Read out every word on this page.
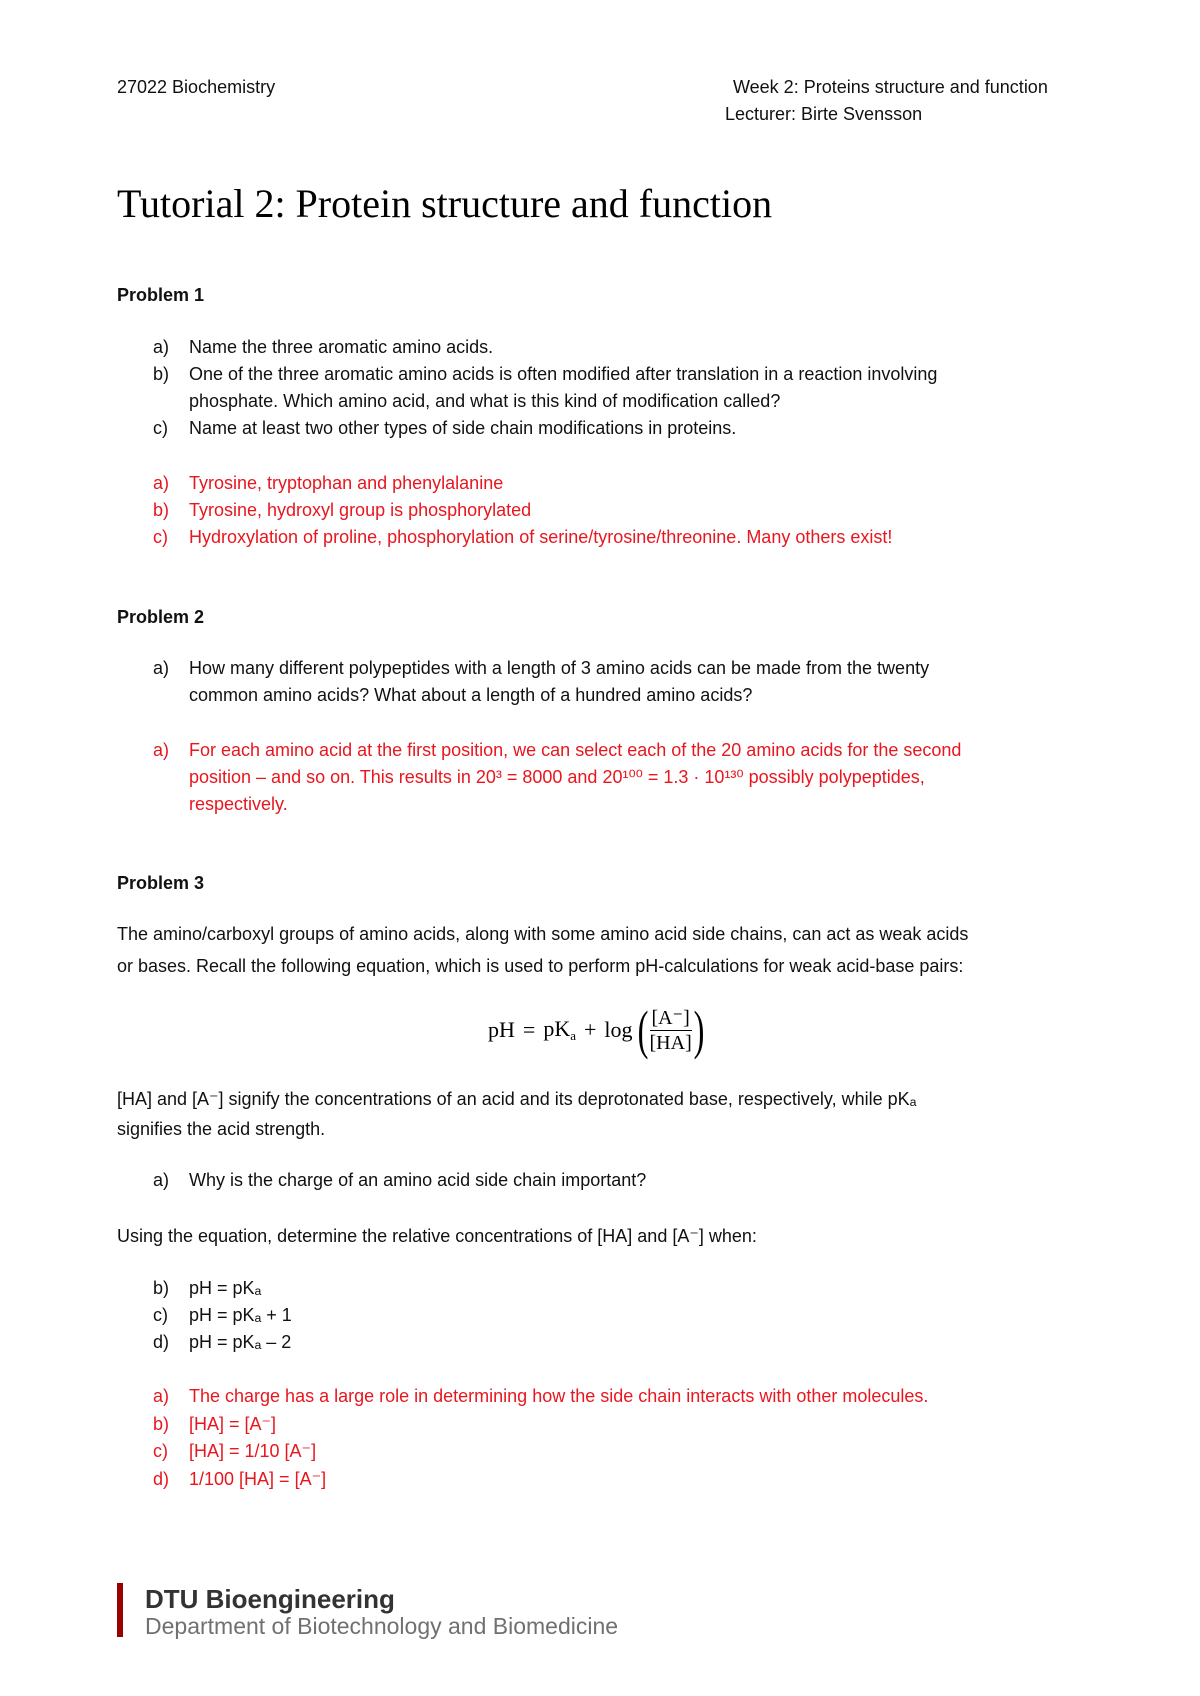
27022 Biochemistry	Week 2: Proteins structure and function
Lecturer: Birte Svensson
Tutorial 2: Protein structure and function
Problem 1
a)	Name the three aromatic amino acids.
b)	One of the three aromatic amino acids is often modified after translation in a reaction involving
phosphate. Which amino acid, and what is this kind of modification called?
c)	Name at least two other types of side chain modifications in proteins.
a)	Tyrosine, tryptophan and phenylalanine
b)	Tyrosine, hydroxyl group is phosphorylated
c)	Hydroxylation of proline, phosphorylation of serine/tyrosine/threonine. Many others exist!
Problem 2
a)	How many different polypeptides with a length of 3 amino acids can be made from the twenty
common amino acids? What about a length of a hundred amino acids?
a)	For each amino acid at the first position, we can select each of the 20 amino acids for the second
position – and so on. This results in 20³ = 8000 and 20¹⁰⁰ = 1.3 · 10¹³⁰ possibly polypeptides,
respectively.
Problem 3
The amino/carboxyl groups of amino acids, along with some amino acid side chains, can act as weak acids
or bases. Recall the following equation, which is used to perform pH-calculations for weak acid-base pairs:
pH = $pK_a + \log$ ( $\frac{[A^-]}{[HA]}$ )
[HA] and [A⁻] signify the concentrations of an acid and its deprotonated base, respectively, while pKₐ
signifies the acid strength.
a)	Why is the charge of an amino acid side chain important?
Using the equation, determine the relative concentrations of [HA] and [A⁻] when:
b)	pH = pKₐ
c)	pH = pKₐ + 1
d)	pH = pKₐ – 2
a)	The charge has a large role in determining how the side chain interacts with other molecules.
b)	[HA] = [A⁻]
c)	[HA] = 1/10 [A⁻]
d)	1/100 [HA] = [A⁻]
DTU Bioengineering
Department of Biotechnology and Biomedicine
